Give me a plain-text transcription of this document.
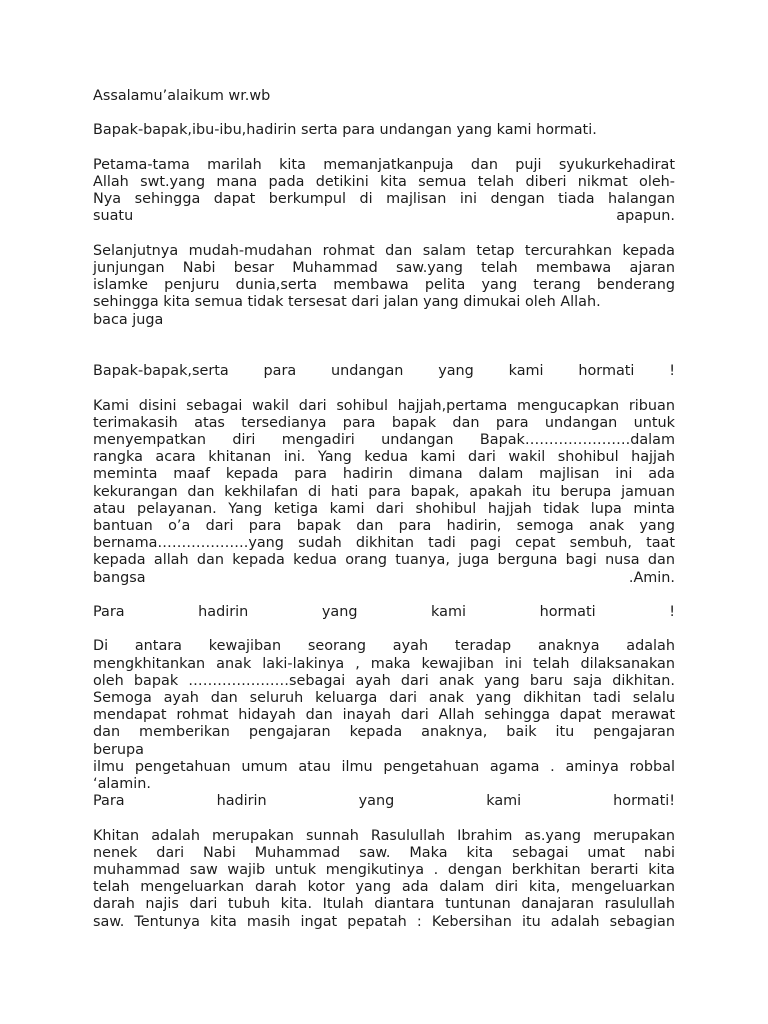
Assalamu’alaikum wr.wb
Bapak-bapak,ibu-ibu,hadirin serta para undangan yang kami hormati.
Petama-tama marilah kita memanjatkanpuja dan puji syukurkehadirat
Allah swt.yang mana pada detikini kita semua telah diberi nikmat oleh-
Nya sehingga dapat berkumpul di majlisan ini dengan tiada halangan
suatu apapun.
Selanjutnya mudah-mudahan rohmat dan salam tetap tercurahkan kepada
junjungan Nabi besar Muhammad saw.yang telah membawa ajaran
islamke penjuru dunia,serta membawa pelita yang terang benderang
sehingga kita semua tidak tersesat dari jalan yang dimukai oleh Allah.
baca juga
Bapak-bapak,serta para undangan yang kami hormati !
Kami disini sebagai wakil dari sohibul hajjah,pertama mengucapkan ribuan
terimakasih atas tersedianya para bapak dan para undangan untuk
menyempatkan diri mengadiri undangan Bapak………………….dalam
rangka acara khitanan ini. Yang kedua kami dari wakil shohibul hajjah
meminta maaf kepada para hadirin dimana dalam majlisan ini ada
kekurangan dan kekhilafan di hati para bapak, apakah itu berupa jamuan
atau pelayanan. Yang ketiga kami dari shohibul hajjah tidak lupa minta
bantuan o’a dari para bapak dan para hadirin, semoga anak yang
bernama……………….yang sudah dikhitan tadi pagi cepat sembuh, taat
kepada allah dan kepada kedua orang tuanya, juga berguna bagi nusa dan
bangsa .Amin.
Para hadirin yang kami hormati !
Di antara kewajiban seorang ayah teradap anaknya adalah
mengkhitankan anak laki-lakinya , maka kewajiban ini telah dilaksanakan
oleh bapak …………………sebagai ayah dari anak yang baru saja dikhitan.
Semoga ayah dan seluruh keluarga dari anak yang dikhitan tadi selalu
mendapat rohmat hidayah dan inayah dari Allah sehingga dapat merawat
dan memberikan pengajaran kepada anaknya, baik itu pengajaran
berupa
ilmu pengetahuan umum atau ilmu pengetahuan agama . aminya robbal
‘alamin.
Para hadirin yang kami hormati!
Khitan adalah merupakan sunnah Rasulullah Ibrahim as.yang merupakan
nenek dari Nabi Muhammad saw. Maka kita sebagai umat nabi
muhammad saw wajib untuk mengikutinya . dengan berkhitan berarti kita
telah mengeluarkan darah kotor yang ada dalam diri kita, mengeluarkan
darah najis dari tubuh kita. Itulah diantara tuntunan danajaran rasulullah
saw. Tentunya kita masih ingat pepatah : Kebersihan itu adalah sebagian
